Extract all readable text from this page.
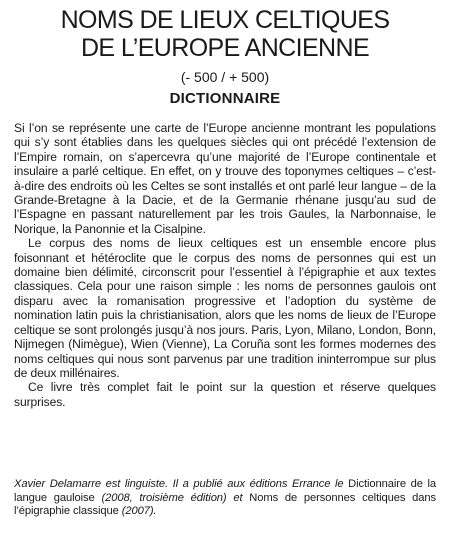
NOMS DE LIEUX CELTIQUES
DE L’EUROPE ANCIENNE
(- 500 / + 500)
DICTIONNAIRE

Si l’on se représente une carte de l’Europe ancienne montrant les populations qui s’y sont établies dans les quelques siècles qui ont précédé l’extension de l’Empire romain, on s’apercevra qu’une majorité de l’Europe continentale et insulaire a parlé celtique. En effet, on y trouve des toponymes celtiques – c’est-à-dire des endroits où les Celtes se sont installés et ont parlé leur langue – de la Grande-Bretagne à la Dacie, et de la Germanie rhénane jusqu’au sud de l’Espagne en passant naturellement par les trois Gaules, la Narbonnaise, le Norique, la Panonnie et la Cisalpine.

Le corpus des noms de lieux celtiques est un ensemble encore plus foisonnant et hétéroclite que le corpus des noms de personnes qui est un domaine bien délimité, circonscrit pour l’essentiel à l’épigraphie et aux textes classiques. Cela pour une raison simple : les noms de personnes gaulois ont disparu avec la romanisation progressive et l’adoption du système de nomination latin puis la christianisation, alors que les noms de lieux de l’Europe celtique se sont prolongés jusqu’à nos jours. Paris, Lyon, Milano, London, Bonn, Nijmegen (Nimègue), Wien (Vienne), La Coruña sont les formes modernes des noms celtiques qui nous sont parvenus par une tradition ininterrompue sur plus de deux millénaires.

Ce livre très complet fait le point sur la question et réserve quelques surprises.

Xavier Delamarre est linguiste. Il a publié aux éditions Errance le Dictionnaire de la langue gauloise (2008, troisième édition) et Noms de personnes celtiques dans l’épigraphie classique (2007).
